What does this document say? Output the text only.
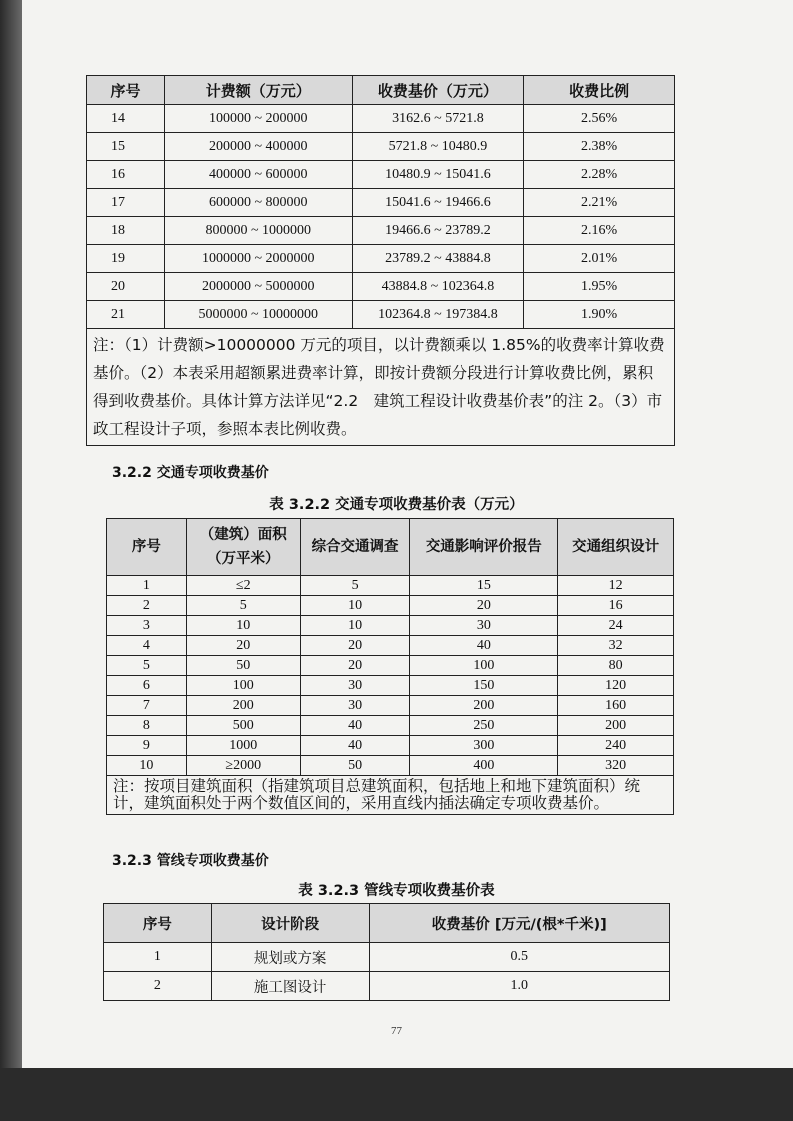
序号	计费额（万元）	收费基价（万元）	收费比例
14	100000 ~ 200000	3162.6 ~ 5721.8	2.56%
15	200000 ~ 400000	5721.8 ~ 10480.9	2.38%
16	400000 ~ 600000	10480.9 ~ 15041.6	2.28%
17	600000 ~ 800000	15041.6 ~ 19466.6	2.21%
18	800000 ~ 1000000	19466.6 ~ 23789.2	2.16%
19	1000000 ~ 2000000	23789.2 ~ 43884.8	2.01%
20	2000000 ~ 5000000	43884.8 ~ 102364.8	1.95%
21	5000000 ~ 10000000	102364.8 ~ 197384.8	1.90%
注：（1）计费额>10000000 万元的项目，以计费额乘以 1.85%的收费率计算收费基价。（2）本表采用超额累进费率计算，即按计费额分段进行计算收费比例，累积得到收费基价。具体计算方法详见“2.2　建筑工程设计收费基价表”的注 2。（3）市政工程设计子项，参照本表比例收费。			
3.2.2 交通专项收费基价
表 3.2.2 交通专项收费基价表（万元）
序号	（建筑）面积（万平米）	综合交通调查	交通影响评价报告	交通组织设计
1	≤2	5	15	12
2	5	10	20	16
3	10	10	30	24
4	20	20	40	32
5	50	20	100	80
6	100	30	150	120
7	200	30	200	160
8	500	40	250	200
9	1000	40	300	240
10	≥2000	50	400	320
注：按项目建筑面积（指建筑项目总建筑面积，包括地上和地下建筑面积）统计，建筑面积处于两个数值区间的，采用直线内插法确定专项收费基价。				
3.2.3 管线专项收费基价
表 3.2.3 管线专项收费基价表
序号	设计阶段	收费基价 [万元/(根*千米)]
1	规划或方案	0.5
2	施工图设计	1.0
77
